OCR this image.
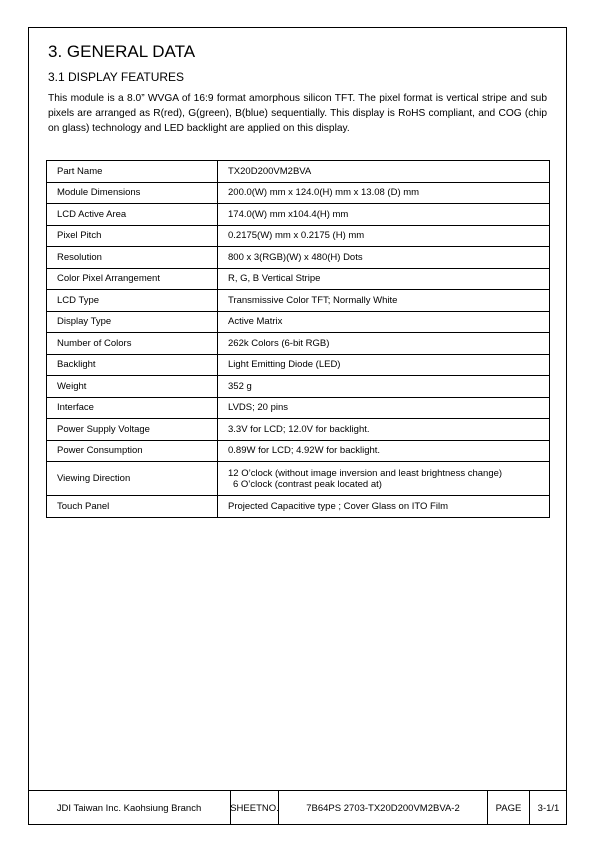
3. GENERAL DATA
3.1 DISPLAY FEATURES

This module is a 8.0” WVGA of 16:9 format amorphous silicon TFT. The pixel format is vertical stripe and sub pixels are arranged as R(red), G(green), B(blue) sequentially. This display is RoHS compliant, and COG (chip on glass) technology and LED backlight are applied on this display.

Part Name	TX20D200VM2BVA
Module Dimensions	200.0(W) mm x 124.0(H) mm x 13.08 (D) mm
LCD Active Area	174.0(W) mm x104.4(H) mm
Pixel Pitch	0.2175(W) mm x 0.2175 (H) mm
Resolution	800 x 3(RGB)(W) x 480(H) Dots
Color Pixel Arrangement	R, G, B Vertical Stripe
LCD Type	Transmissive Color TFT; Normally White
Display Type	Active Matrix
Number of Colors	262k Colors (6-bit RGB)
Backlight	Light Emitting Diode (LED)
Weight	352 g
Interface	LVDS; 20 pins
Power Supply Voltage	3.3V for LCD; 12.0V for backlight.
Power Consumption	0.89W for LCD; 4.92W for backlight.
Viewing Direction	12 O’clock (without image inversion and least brightness change)
6 O’clock (contrast peak located at)

Touch Panel	Projected Capacitive type ; Cover Glass on ITO Film
JDI Taiwan Inc. Kaohsiung Branch	SHEET NO.	7B64PS 2703-TX20D200VM2BVA-2	PAGE	3-1/1
